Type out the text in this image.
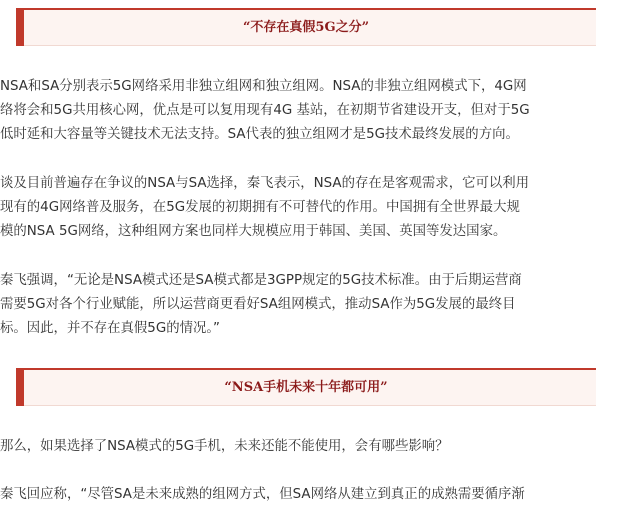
“不存在真假5G之分”

NSA和SA分别表示5G网络采用非独立组网和独立组网。NSA的非独立组网模式下，4G网
络将会和5G共用核心网，优点是可以复用现有4G 基站，在初期节省建设开支，但对于5G
低时延和大容量等关键技术无法支持。SA代表的独立组网才是5G技术最终发展的方向。

谈及目前普遍存在争议的NSA与SA选择，秦飞表示，NSA的存在是客观需求，它可以利用
现有的4G网络普及服务，在5G发展的初期拥有不可替代的作用。中国拥有全世界最大规
模的NSA 5G网络，这种组网方案也同样大规模应用于韩国、美国、英国等发达国家。

秦飞强调，“无论是NSA模式还是SA模式都是3GPP规定的5G技术标准。由于后期运营商
需要5G对各个行业赋能，所以运营商更看好SA组网模式，推动SA作为5G发展的最终目
标。因此，并不存在真假5G的情况。”

“NSA手机未来十年都可用”

那么，如果选择了NSA模式的5G手机，未来还能不能使用，会有哪些影响？

秦飞回应称，“尽管SA是未来成熟的组网方式，但SA网络从建立到真正的成熟需要循序渐
